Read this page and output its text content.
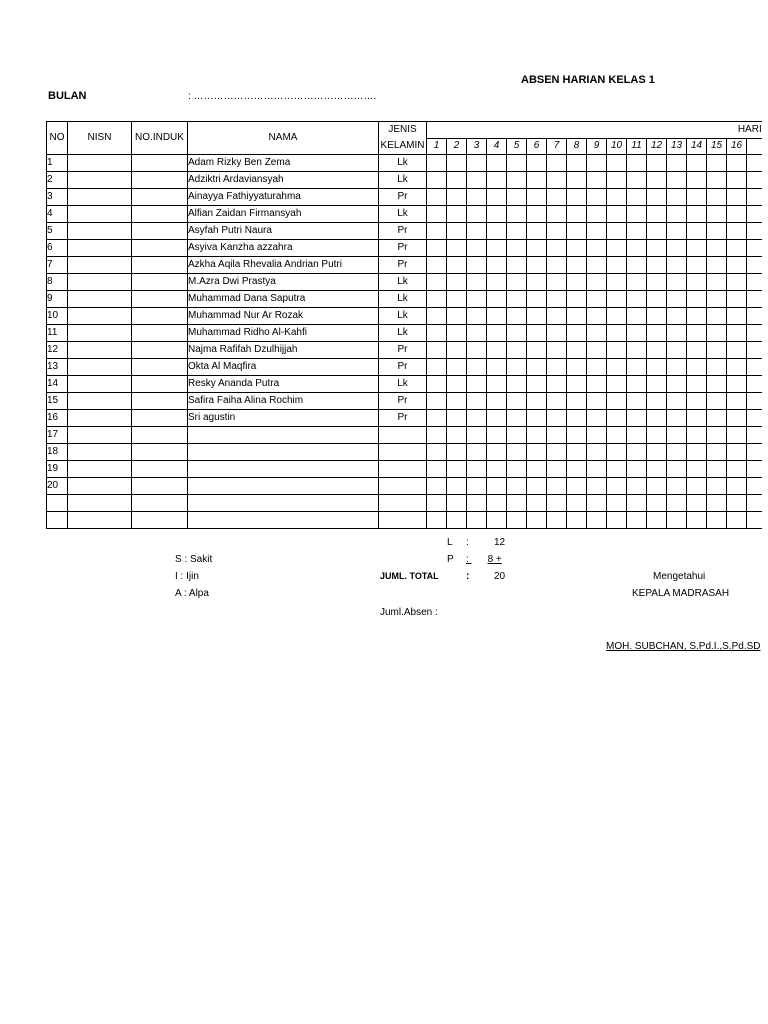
ABSEN HARIAN KELAS 1
BULAN	: ……………………………………………….
NO	NISN	NO.INDUK	NAMA	JENIS
KELAMIN	HARI																
					1	2	3	4	5	6	7	8	9	10	11	12	13	14	15	16	
1			Adam Rizky Ben Zema	Lk																	
2			Adziktri Ardaviansyah	Lk																	
3			Ainayya Fathiyyaturahma	Pr																	
4			Alfian Zaidan Firmansyah	Lk																	
5			Asyfah Putri Naura	Pr																	
6			Asyiva Kanzha azzahra	Pr																	
7			Azkha Aqila Rhevalia Andrian Putri	Pr																	
8			M.Azra Dwi Prastya	Lk																	
9			Muhammad Dana Saputra	Lk																	
10			Muhammad Nur Ar Rozak	Lk																	
11			Muhammad Ridho Al-Kahfi	Lk																	
12			Najma Rafifah Dzulhijjah	Pr																	
13			Okta Al Maqfira	Pr																	
14			Resky Ananda Putra	Lk																	
15			Safira Faiha Alina Rochim	Pr																	
16			Sri agustin	Pr																	
17																					
18																					
19																					
20																					

L :	12
S : Sakit	P : 8 +
I : Ijin	JUML. TOTAL	: 20	Mengetahui
A : Alpa	KEPALA MADRASAH
Juml.Absen :
MOH. SUBCHAN, S.Pd.I.,S.Pd.SD
